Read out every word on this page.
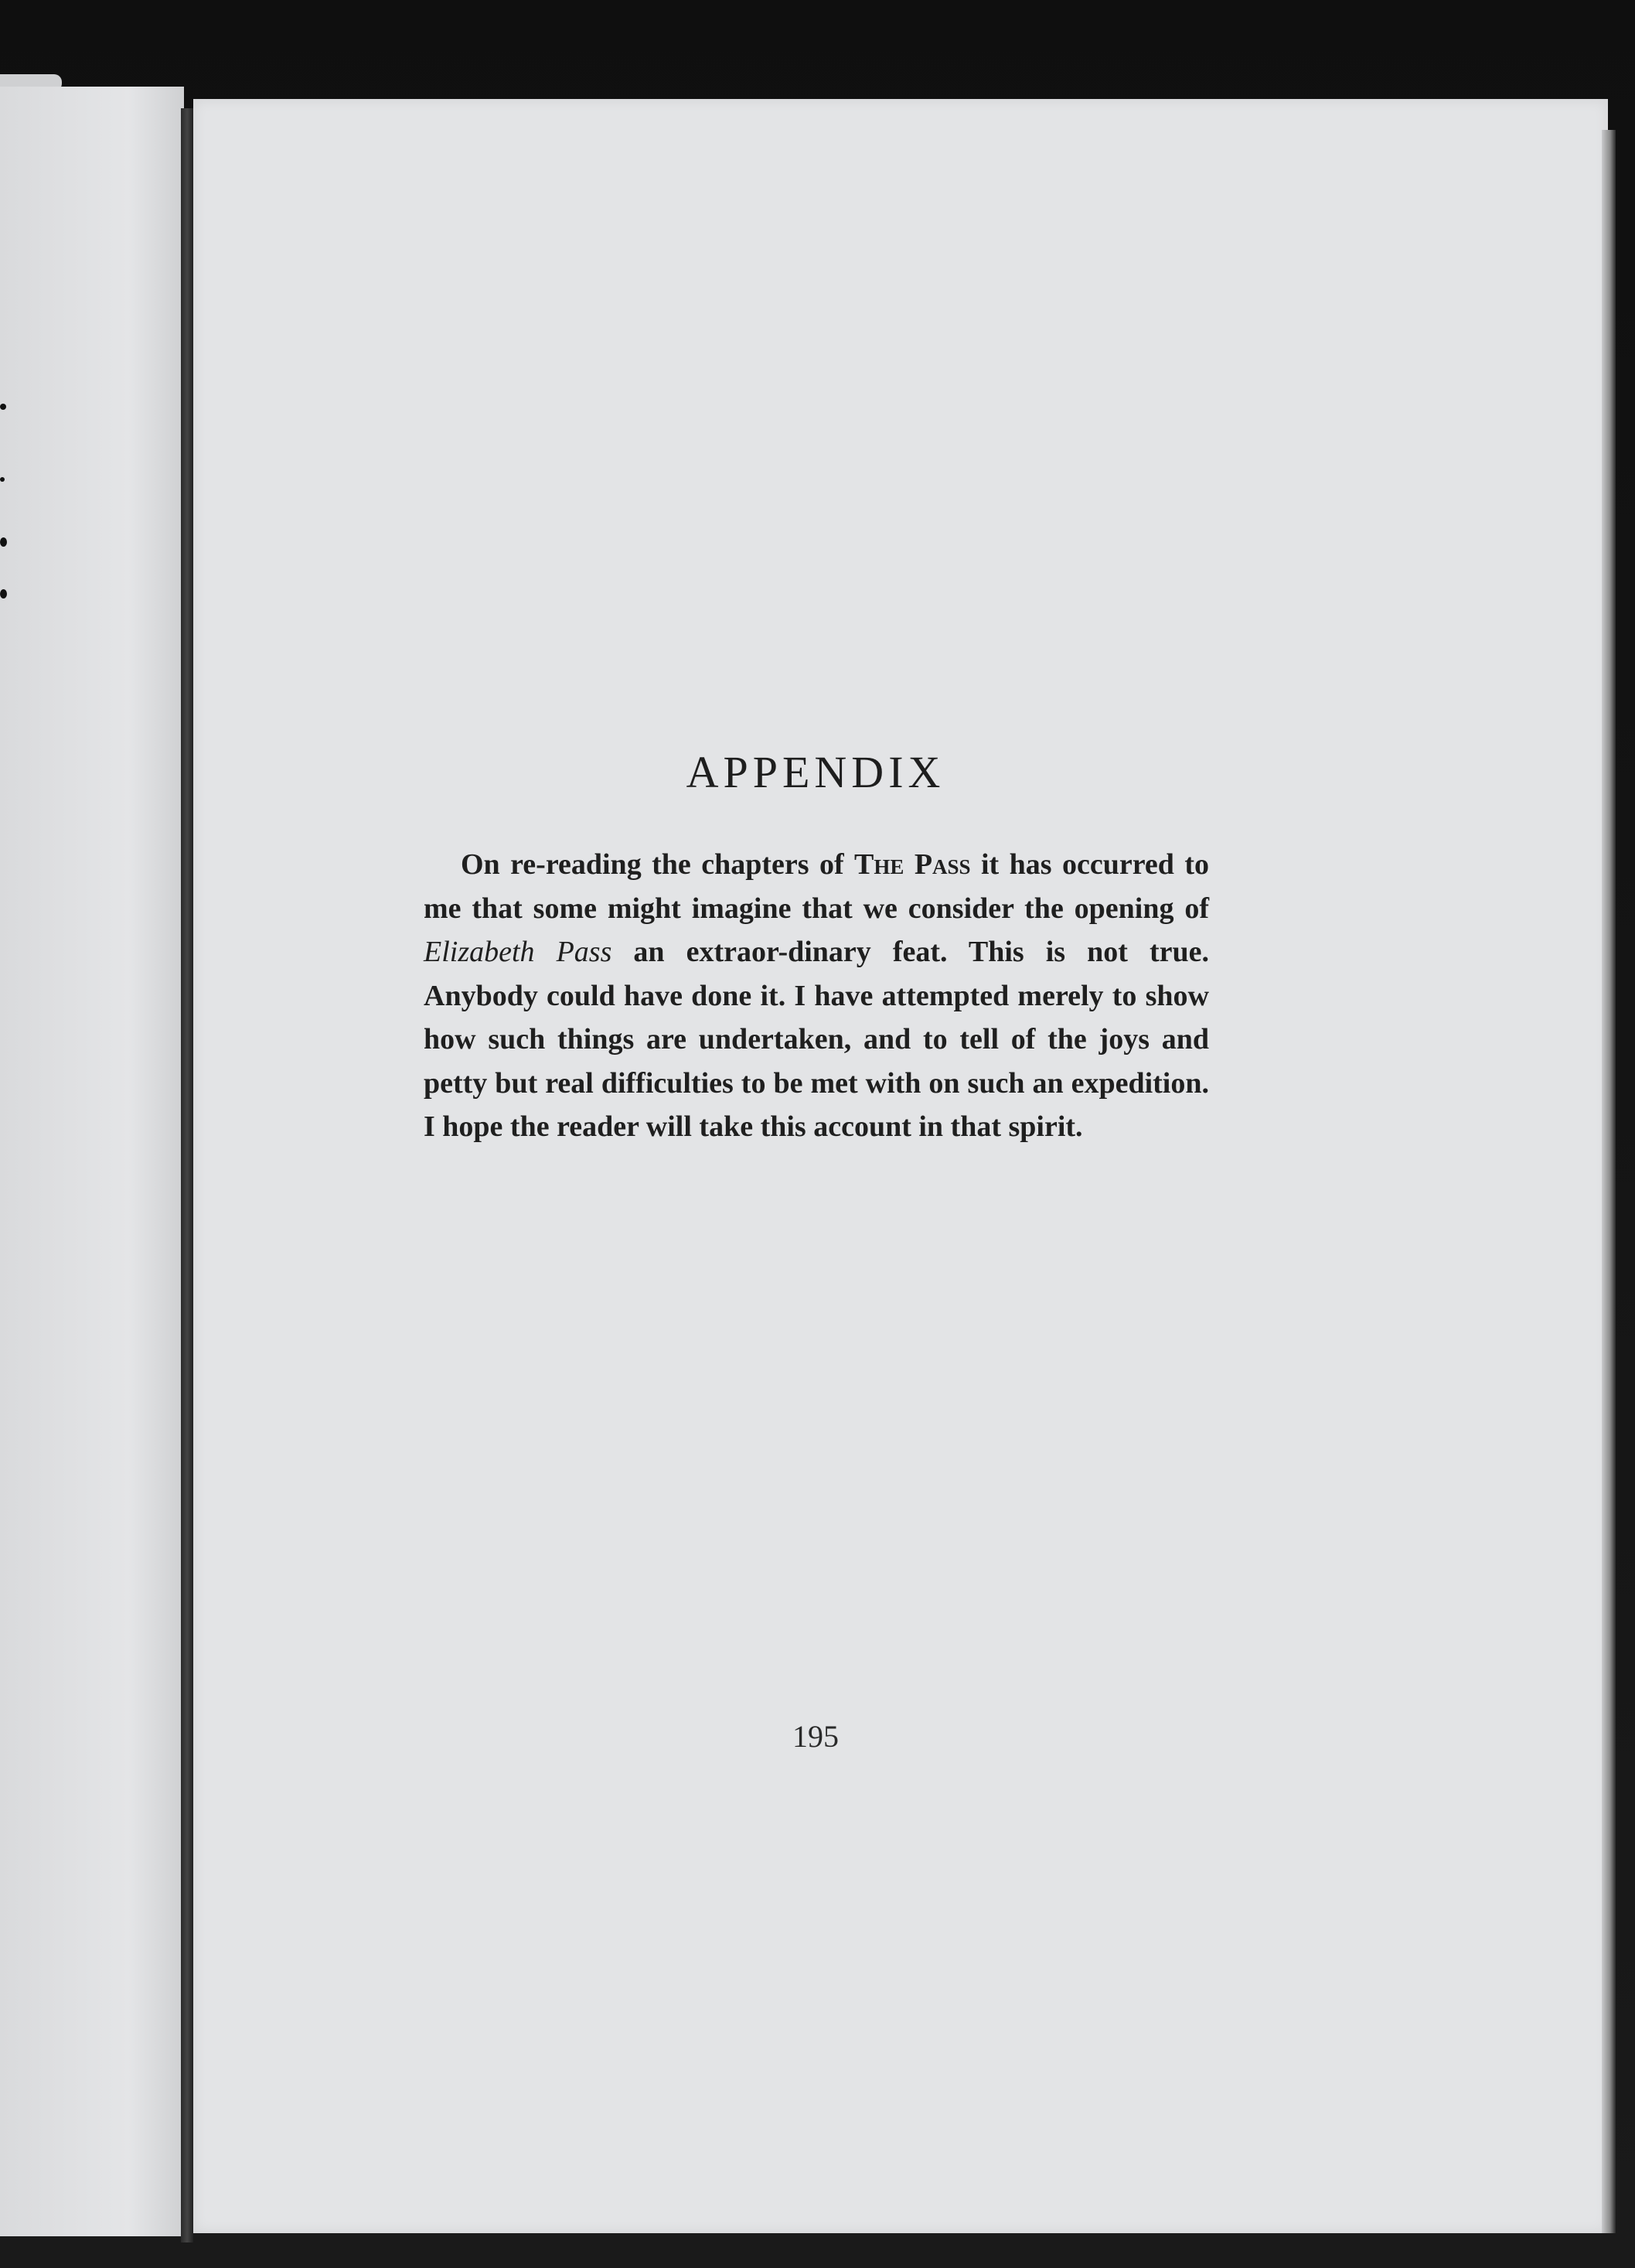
APPENDIX

On re-reading the chapters of The Pass it has occurred to me that some might imagine that we consider the opening of Elizabeth Pass an extraor-dinary feat. This is not true. Anybody could have done it. I have attempted merely to show how such things are undertaken, and to tell of the joys and petty but real difficulties to be met with on such an expedition. I hope the reader will take this account in that spirit.

195
